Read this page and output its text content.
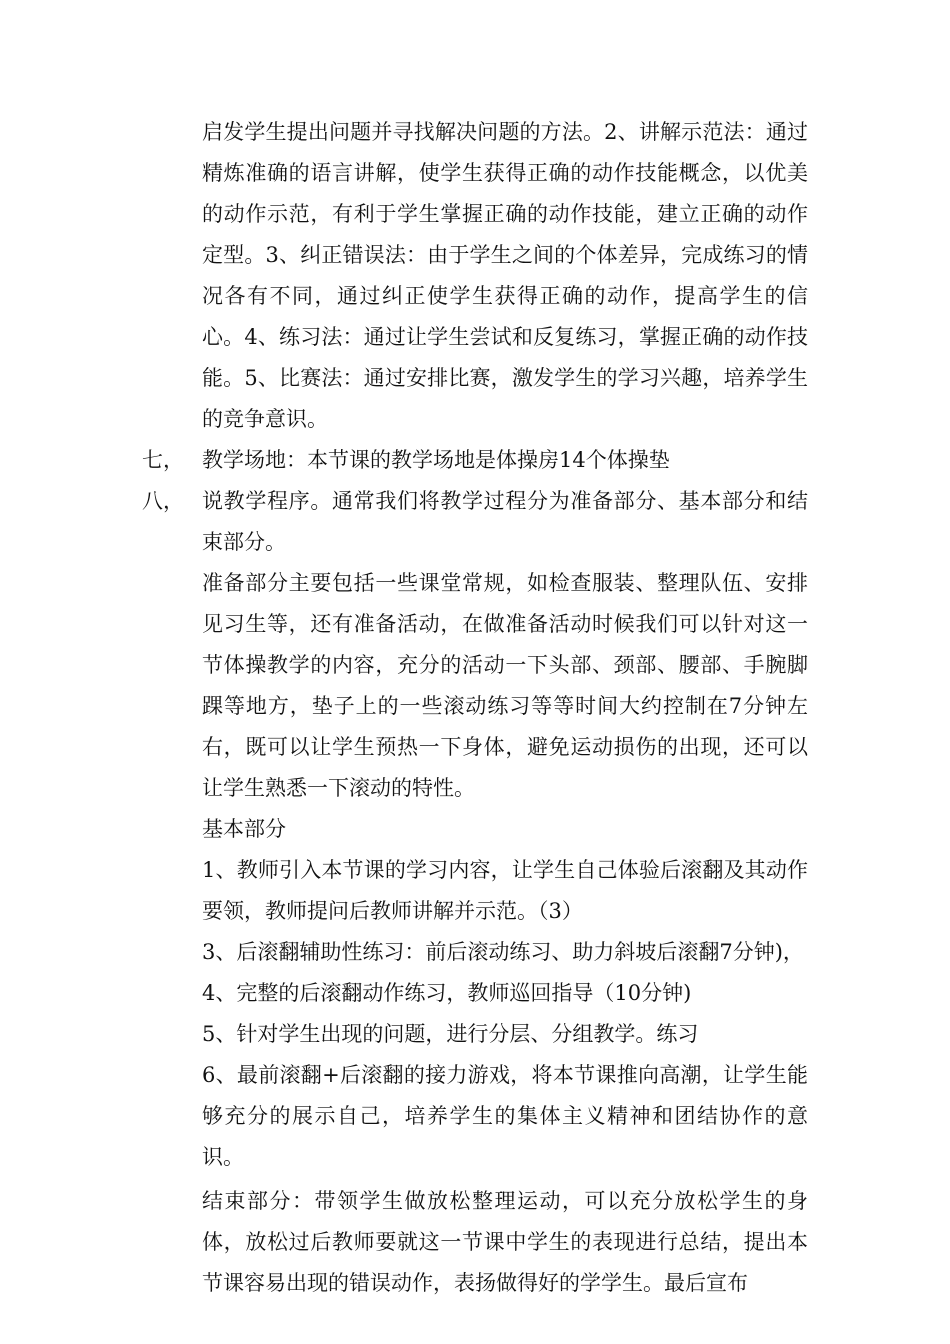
启发学生提出问题并寻找解决问题的方法。2、讲解示范法：通过精炼准确的语言讲解，使学生获得正确的动作技能概念，以优美的动作示范，有利于学生掌握正确的动作技能，建立正确的动作定型。3、纠正错误法：由于学生之间的个体差异，完成练习的情况各有不同，通过纠正使学生获得正确的动作，提高学生的信心。4、练习法：通过让学生尝试和反复练习，掌握正确的动作技能。5、比赛法：通过安排比赛，激发学生的学习兴趣，培养学生的竞争意识。

七， 教学场地：本节课的教学场地是体操房14个体操垫

八， 说教学程序。通常我们将教学过程分为准备部分、基本部分和结束部分。

准备部分主要包括一些课堂常规，如检查服装、整理队伍、安排见习生等，还有准备活动，在做准备活动时候我们可以针对这一节体操教学的内容，充分的活动一下头部、颈部、腰部、手腕脚踝等地方，垫子上的一些滚动练习等等时间大约控制在7分钟左右，既可以让学生预热一下身体，避免运动损伤的出现，还可以让学生熟悉一下滚动的特性。

基本部分

1、教师引入本节课的学习内容，让学生自己体验后滚翻及其动作要领，教师提问后教师讲解并示范。（3）

3、后滚翻辅助性练习：前后滚动练习、助力斜坡后滚翻7分钟)，

4、完整的后滚翻动作练习，教师巡回指导（10分钟)

5、针对学生出现的问题，进行分层、分组教学。练习

6、最前滚翻+后滚翻的接力游戏，将本节课推向高潮，让学生能够充分的展示自己，培养学生的集体主义精神和团结协作的意识。

结束部分：带领学生做放松整理运动，可以充分放松学生的身体，放松过后教师要就这一节课中学生的表现进行总结，提出本节课容易出现的错误动作，表扬做得好的学学生。最后宣布
